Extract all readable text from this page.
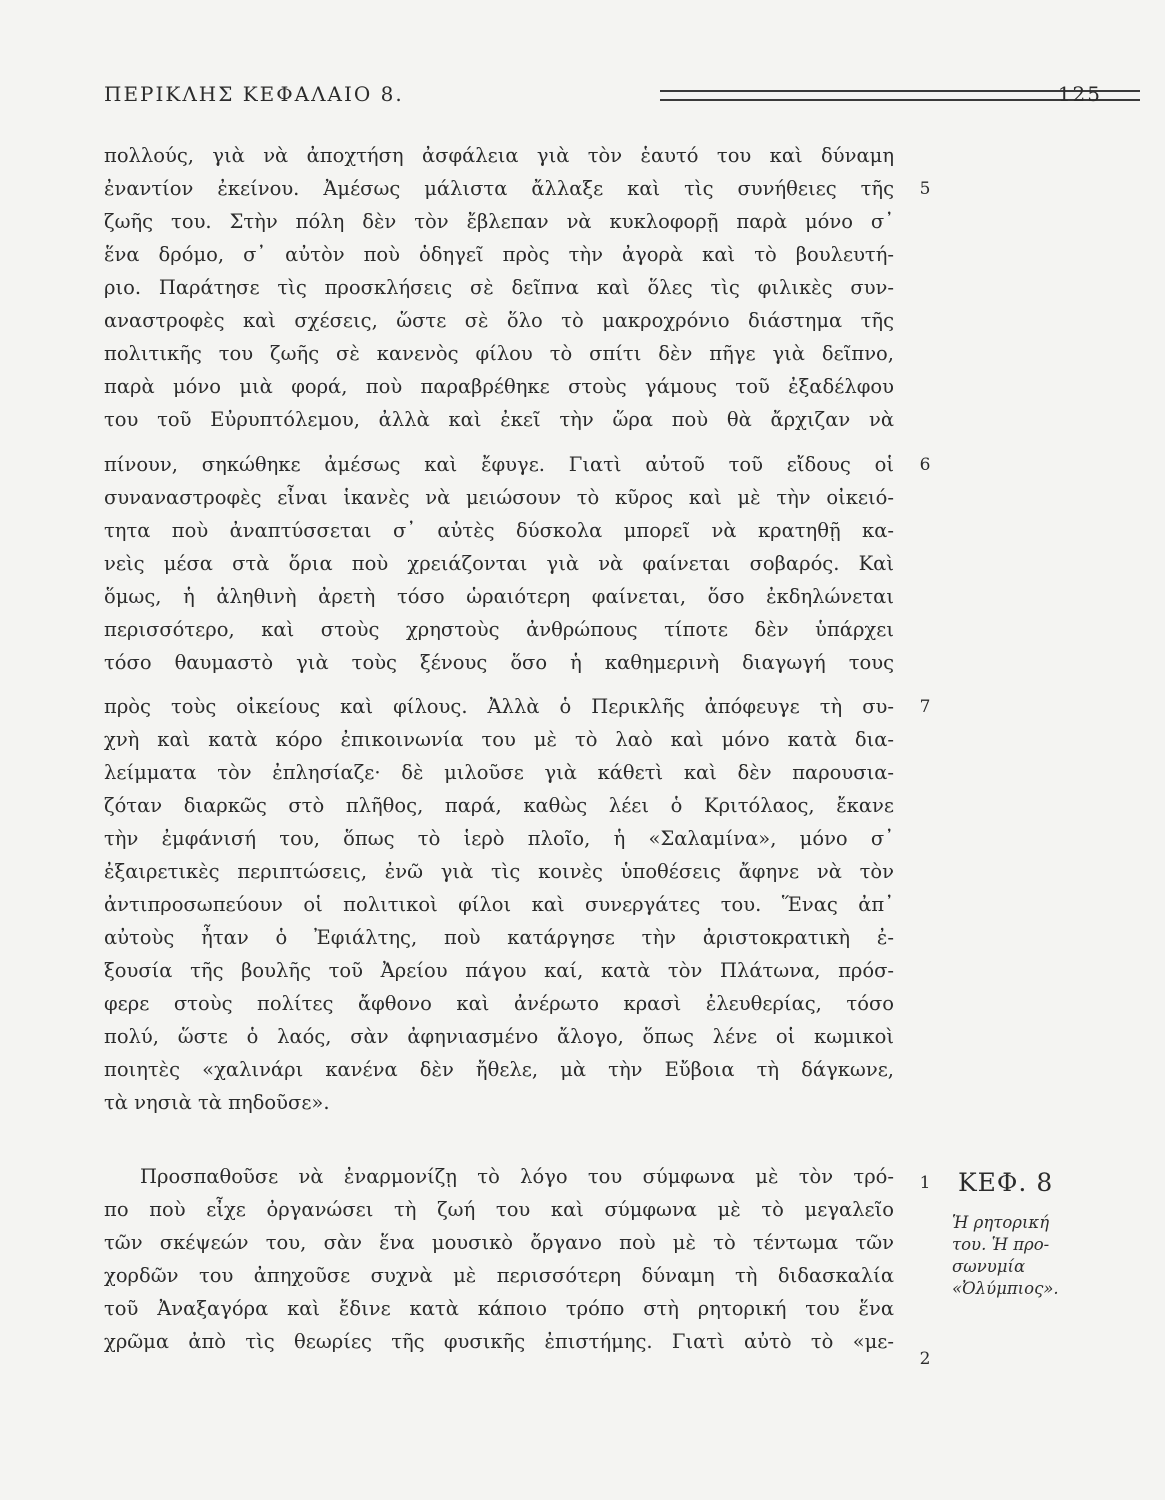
ΠΕΡΙΚΛΗΣ ΚΕΦΑΛΑΙΟ 8.	125
πολλούς, γιὰ νὰ ἀποχτήση ἀσφάλεια γιὰ τὸν ἑαυτό του καὶ δύναμη
ἐναντίον ἐκείνου. Ἀμέσως μάλιστα ἄλλαξε καὶ τὶς συνήθειες τῆς
ζωῆς του. Στὴν πόλη δὲν τὸν ἔβλεπαν νὰ κυκλοφορῇ παρὰ μόνο σ᾽
ἕνα δρόμο, σ᾽ αὐτὸν ποὺ ὁδηγεῖ πρὸς τὴν ἀγορὰ καὶ τὸ βουλευτή-
ριο. Παράτησε τὶς προσκλήσεις σὲ δεῖπνα καὶ ὅλες τὶς φιλικὲς συν-
αναστροφὲς καὶ σχέσεις, ὥστε σὲ ὅλο τὸ μακροχρόνιο διάστημα τῆς
πολιτικῆς του ζωῆς σὲ κανενὸς φίλου τὸ σπίτι δὲν πῆγε γιὰ δεῖπνο,
παρὰ μόνο μιὰ φορά, ποὺ παραβρέθηκε στοὺς γάμους τοῦ ἐξαδέλφου
του τοῦ Εὐρυπτόλεμου, ἀλλὰ καὶ ἐκεῖ τὴν ὥρα ποὺ θὰ ἄρχιζαν νὰ
πίνουν, σηκώθηκε ἀμέσως καὶ ἔφυγε. Γιατὶ αὐτοῦ τοῦ εἴδους οἱ
συναναστροφὲς εἶναι ἱκανὲς νὰ μειώσουν τὸ κῦρος καὶ μὲ τὴν οἰκειό-
τητα ποὺ ἀναπτύσσεται σ᾽ αὐτὲς δύσκολα μπορεῖ νὰ κρατηθῇ κα-
νεὶς μέσα στὰ ὅρια ποὺ χρειάζονται γιὰ νὰ φαίνεται σοβαρός. Καὶ
ὅμως, ἡ ἀληθινὴ ἀρετὴ τόσο ὡραιότερη φαίνεται, ὅσο ἐκδηλώνεται
περισσότερο, καὶ στοὺς χρηστοὺς ἀνθρώπους τίποτε δὲν ὑπάρχει
τόσο θαυμαστὸ γιὰ τοὺς ξένους ὅσο ἡ καθημερινὴ διαγωγή τους
πρὸς τοὺς οἰκείους καὶ φίλους. Ἀλλὰ ὁ Περικλῆς ἀπόφευγε τὴ συ-
χνὴ καὶ κατὰ κόρο ἐπικοινωνία του μὲ τὸ λαὸ καὶ μόνο κατὰ δια-
λείμματα τὸν ἐπλησίαζε· δὲ μιλοῦσε γιὰ κάθετὶ καὶ δὲν παρουσια-
ζόταν διαρκῶς στὸ πλῆθος, παρά, καθὼς λέει ὁ Κριτόλαος, ἔκανε
τὴν ἐμφάνισή του, ὅπως τὸ ἱερὸ πλοῖο, ἡ «Σαλαμίνα», μόνο σ᾽
ἐξαιρετικὲς περιπτώσεις, ἐνῶ γιὰ τὶς κοινὲς ὑποθέσεις ἄφηνε νὰ τὸν
ἀντιπροσωπεύουν οἱ πολιτικοὶ φίλοι καὶ συνεργάτες του. Ἕνας ἀπ᾽
αὐτοὺς ἦταν ὁ Ἐφιάλτης, ποὺ κατάργησε τὴν ἀριστοκρατικὴ ἐ-
ξουσία τῆς βουλῆς τοῦ Ἀρείου πάγου καί, κατὰ τὸν Πλάτωνα, πρόσ-
φερε στοὺς πολίτες ἄφθονο καὶ ἀνέρωτο κρασὶ ἐλευθερίας, τόσο
πολύ, ὥστε ὁ λαός, σὰν ἀφηνιασμένο ἄλογο, ὅπως λένε οἱ κωμικοὶ
ποιητὲς «χαλινάρι κανένα δὲν ἤθελε, μὰ τὴν Εὔβοια τὴ δάγκωνε,
τὰ νησιὰ τὰ πηδοῦσε».
Προσπαθοῦσε νὰ ἐναρμονίζῃ τὸ λόγο του σύμφωνα μὲ τὸν τρό-
πο ποὺ εἶχε ὀργανώσει τὴ ζωή του καὶ σύμφωνα μὲ τὸ μεγαλεῖο
τῶν σκέψεών του, σὰν ἕνα μουσικὸ ὄργανο ποὺ μὲ τὸ τέντωμα τῶν
χορδῶν του ἀπηχοῦσε συχνὰ μὲ περισσότερη δύναμη τὴ διδασκαλία
τοῦ Ἀναξαγόρα καὶ ἔδινε κατὰ κάποιο τρόπο στὴ ρητορική του ἕνα
χρῶμα ἀπὸ τὶς θεωρίες τῆς φυσικῆς ἐπιστήμης. Γιατὶ αὐτὸ τὸ «με-
5
6
7
1
2
ΚΕΦ. 8
Ἡ ρητορική
του. Ἡ προ-
σωνυμία
«Ὀλύμπιος».
